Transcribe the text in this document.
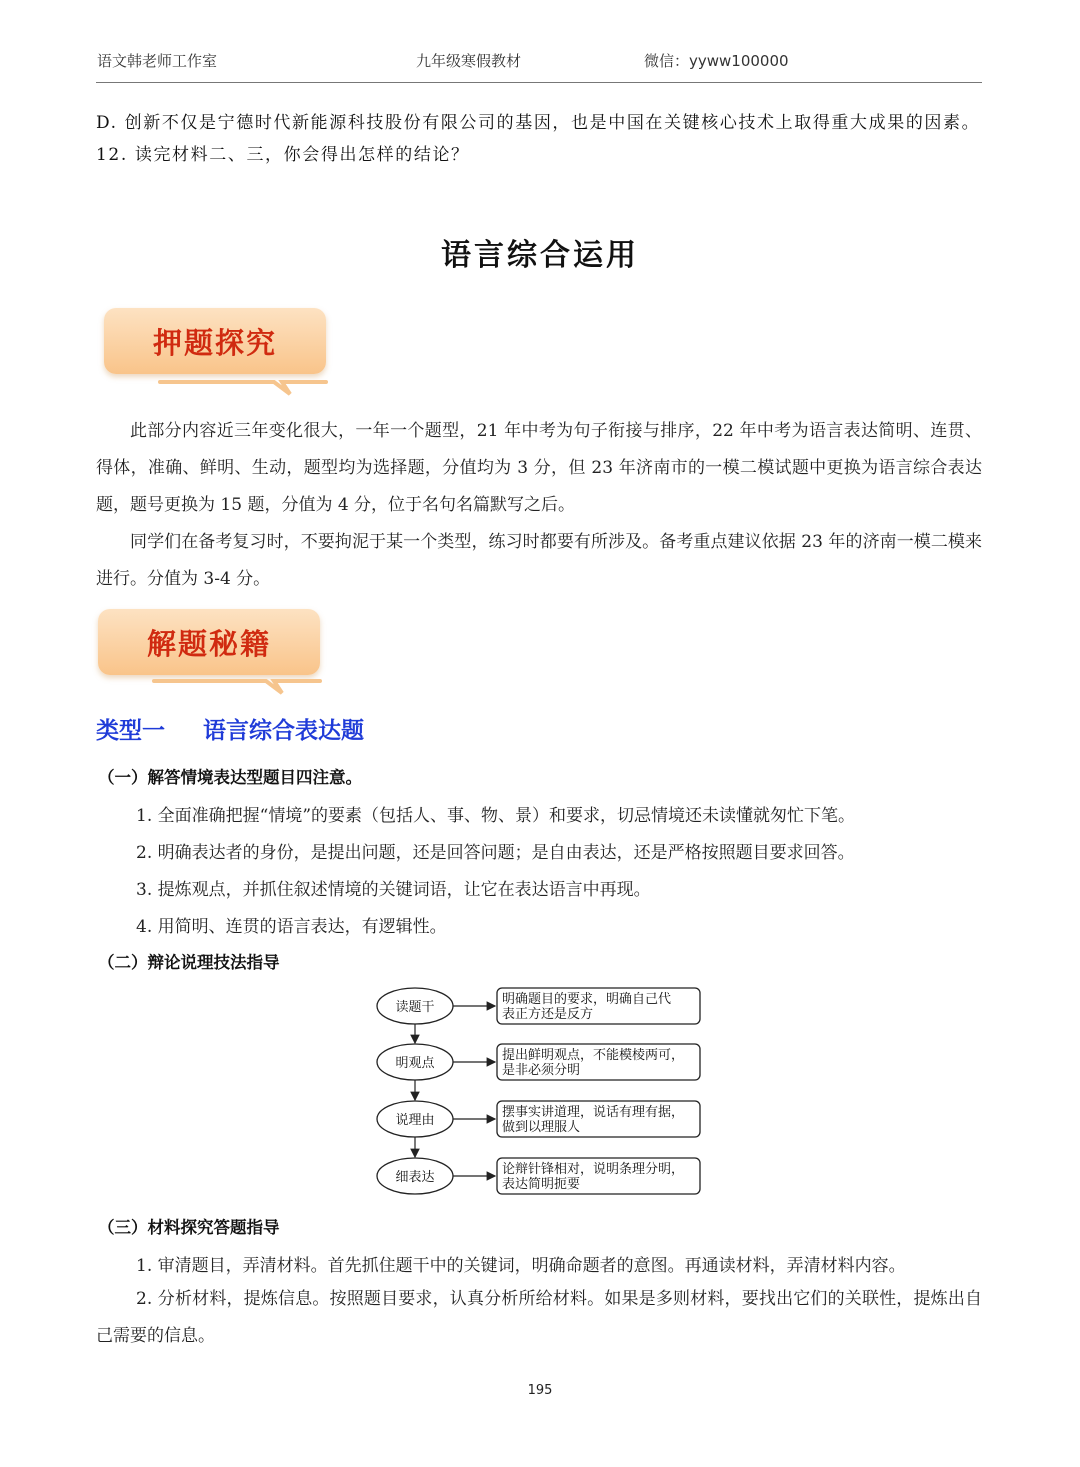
语文韩老师工作室	九年级寒假教材	微信：yyww100000
D. 创新不仅是宁德时代新能源科技股份有限公司的基因，也是中国在关键核心技术上取得重大成果的因素。
12. 读完材料二、三，你会得出怎样的结论？
语言综合运用
押题探究
此部分内容近三年变化很大，一年一个题型，21 年中考为句子衔接与排序，22 年中考为语言表达简明、连贯、得体，准确、鲜明、生动，题型均为选择题，分值均为 3 分，但 23 年济南市的一模二模试题中更换为语言综合表达题，题号更换为 15 题，分值为 4 分，位于名句名篇默写之后。
同学们在备考复习时，不要拘泥于某一个类型，练习时都要有所涉及。备考重点建议依据 23 年的济南一模二模来进行。分值为 3-4 分。
解题秘籍
类型一 语言综合表达题
（一）解答情境表达型题目四注意。
1. 全面准确把握“情境”的要素（包括人、事、物、景）和要求，切忌情境还未读懂就匆忙下笔。
2. 明确表达者的身份，是提出问题，还是回答问题；是自由表达，还是严格按照题目要求回答。
3. 提炼观点，并抓住叙述情境的关键词语，让它在表达语言中再现。
4. 用简明、连贯的语言表达，有逻辑性。
（二）辩论说理技法指导
读题干
明确题目的要求，明确自己代
表正方还是反方
明观点
提出鲜明观点，不能模棱两可，
是非必须分明
说理由
摆事实讲道理，说话有理有据，
做到以理服人
细表达
论辩针锋相对，说明条理分明，
表达简明扼要
（三）材料探究答题指导
1. 审清题目，弄清材料。首先抓住题干中的关键词，明确命题者的意图。再通读材料，弄清材料内容。
2. 分析材料，提炼信息。按照题目要求，认真分析所给材料。如果是多则材料，要找出它们的关联性，提炼出自己需要的信息。
195
